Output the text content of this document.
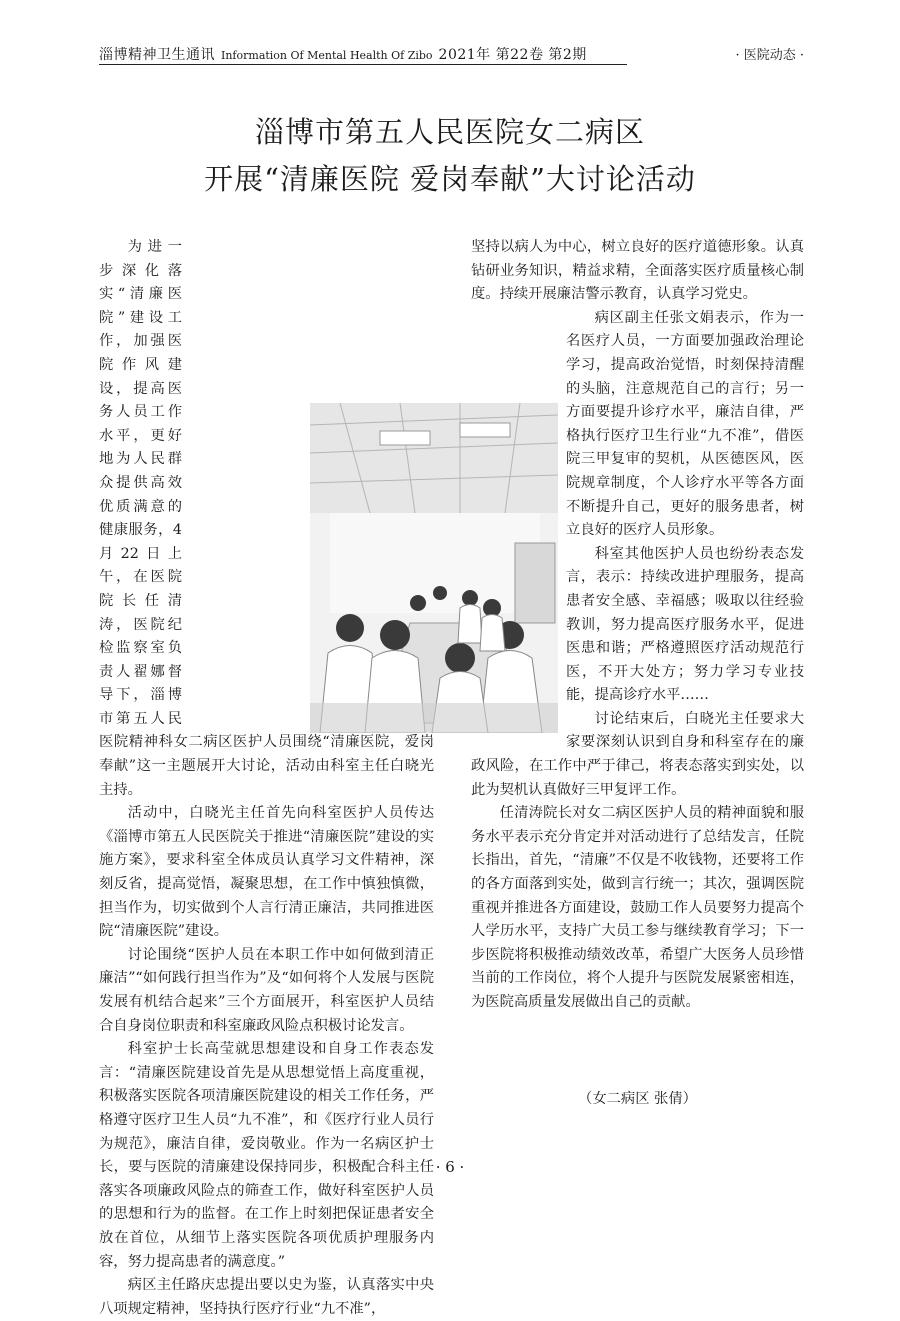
淄博精神卫生通讯 Information Of Mental Health Of Zibo 2021年 第22卷 第2期	· 医院动态 ·
淄博市第五人民医院女二病区
开展“清廉医院 爱岗奉献”大讨论活动

为进一步深化落实“清廉医院”建设工作，加强医院作风建设，提高医务人员工作水平，更好地为人民群众提供高效优质满意的健康服务，4月22日上午，在医院院长任清涛，医院纪检监察室负责人翟娜督导下，淄博市第五人民医院精神科女二病区医护人员围绕“清廉医院，爱岗奉献”这一主题展开大讨论，活动由科室主任白晓光主持。

活动中，白晓光主任首先向科室医护人员传达《淄博市第五人民医院关于推进“清廉医院”建设的实施方案》，要求科室全体成员认真学习文件精神，深刻反省，提高觉悟，凝聚思想，在工作中慎独慎微，担当作为，切实做到个人言行清正廉洁，共同推进医院“清廉医院”建设。

讨论围绕“医护人员在本职工作中如何做到清正廉洁”“如何践行担当作为”及“如何将个人发展与医院发展有机结合起来”三个方面展开，科室医护人员结合自身岗位职责和科室廉政风险点积极讨论发言。

科室护士长高莹就思想建设和自身工作表态发言：“清廉医院建设首先是从思想觉悟上高度重视，积极落实医院各项清廉医院建设的相关工作任务，严格遵守医疗卫生人员“九不准”，和《医疗行业人员行为规范》，廉洁自律，爱岗敬业。作为一名病区护士长，要与医院的清廉建设保持同步，积极配合科主任落实各项廉政风险点的筛查工作，做好科室医护人员的思想和行为的监督。在工作上时刻把保证患者安全放在首位，从细节上落实医院各项优质护理服务内容，努力提高患者的满意度。”

病区主任路庆忠提出要以史为鉴，认真落实中央八项规定精神，坚持执行医疗行业“九不准”，

坚持以病人为中心，树立良好的医疗道德形象。认真钻研业务知识，精益求精，全面落实医疗质量核心制度。持续开展廉洁警示教育，认真学习党史。

病区副主任张文娟表示，作为一名医疗人员，一方面要加强政治理论学习，提高政治觉悟，时刻保持清醒的头脑，注意规范自己的言行；另一方面要提升诊疗水平，廉洁自律，严格执行医疗卫生行业“九不准”，借医院三甲复审的契机，从医德医风，医院规章制度，个人诊疗水平等各方面不断提升自己，更好的服务患者，树立良好的医疗人员形象。

科室其他医护人员也纷纷表态发言，表示：持续改进护理服务，提高患者安全感、幸福感；吸取以往经验教训，努力提高医疗服务水平，促进医患和谐；严格遵照医疗活动规范行医，不开大处方；努力学习专业技能，提高诊疗水平……

讨论结束后，白晓光主任要求大家要深刻认识到自身和科室存在的廉政风险，在工作中严于律己，将表态落实到实处，以此为契机认真做好三甲复评工作。

任清涛院长对女二病区医护人员的精神面貌和服务水平表示充分肯定并对活动进行了总结发言，任院长指出，首先，“清廉”不仅是不收钱物，还要将工作的各方面落到实处，做到言行统一；其次，强调医院重视并推进各方面建设，鼓励工作人员要努力提高个人学历水平，支持广大员工参与继续教育学习；下一步医院将积极推动绩效改革，希望广大医务人员珍惜当前的工作岗位，将个人提升与医院发展紧密相连，为医院高质量发展做出自己的贡献。

（女二病区 张倩）
· 6 ·
